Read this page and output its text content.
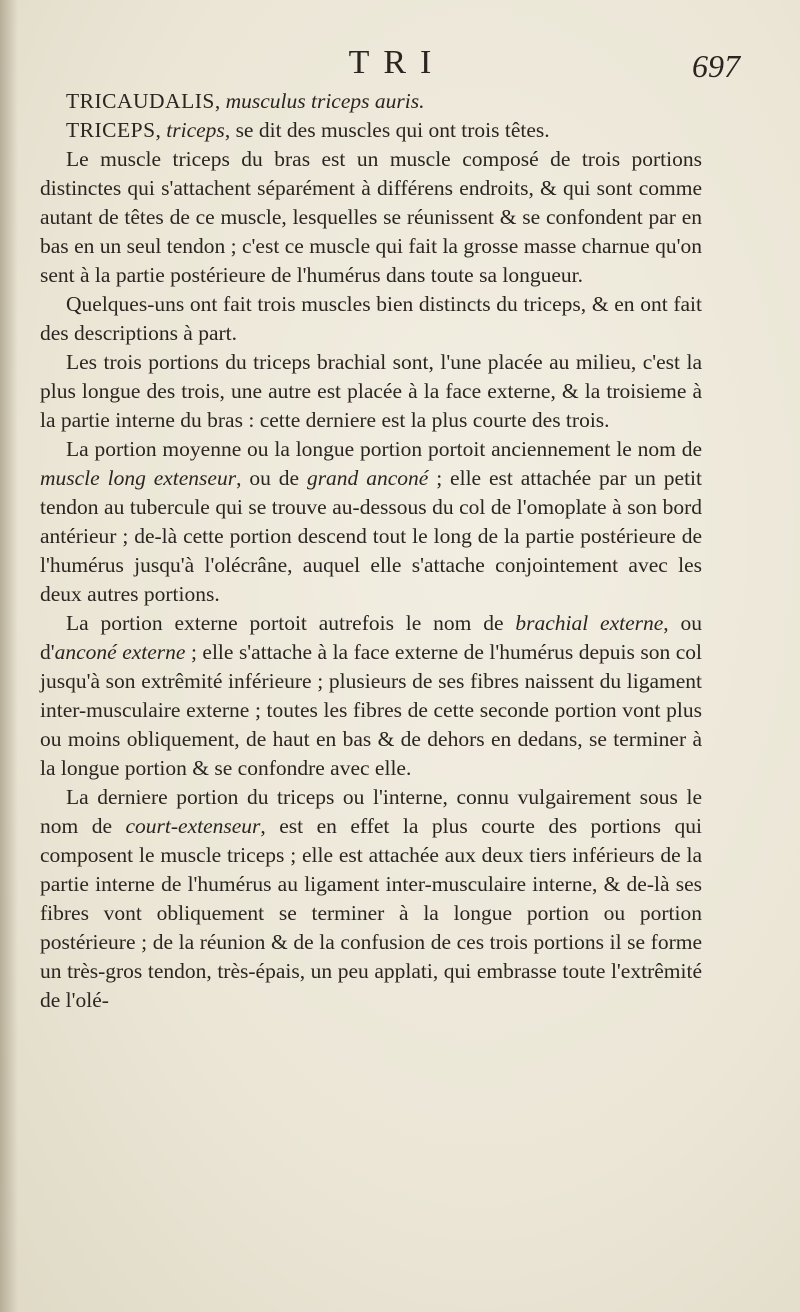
TRI	697

TRICAUDALIS, musculus triceps auris.

TRICEPS, triceps, se dit des muscles qui ont trois têtes.

Le muscle triceps du bras est un muscle composé de trois portions distinctes qui s'attachent séparément à différens endroits, & qui sont comme autant de têtes de ce muscle, lesquelles se réunissent & se confondent par en bas en un seul tendon ; c'est ce muscle qui fait la grosse masse charnue qu'on sent à la partie postérieure de l'humérus dans toute sa longueur.

Quelques-uns ont fait trois muscles bien distincts du triceps, & en ont fait des descriptions à part.

Les trois portions du triceps brachial sont, l'une placée au milieu, c'est la plus longue des trois, une autre est placée à la face externe, & la troisieme à la partie interne du bras : cette derniere est la plus courte des trois.

La portion moyenne ou la longue portion portoit anciennement le nom de muscle long extenseur, ou de grand anconé ; elle est attachée par un petit tendon au tubercule qui se trouve au-dessous du col de l'omoplate à son bord antérieur ; de-là cette portion descend tout le long de la partie postérieure de l'humérus jusqu'à l'olécrâne, auquel elle s'attache conjointement avec les deux autres portions.

La portion externe portoit autrefois le nom de brachial externe, ou d'anconé externe ; elle s'attache à la face externe de l'humérus depuis son col jusqu'à son extrêmité inférieure ; plusieurs de ses fibres naissent du ligament inter-musculaire externe ; toutes les fibres de cette seconde portion vont plus ou moins obliquement, de haut en bas & de dehors en dedans, se terminer à la longue portion & se confondre avec elle.

La derniere portion du triceps ou l'interne, connu vulgairement sous le nom de court-extenseur, est en effet la plus courte des portions qui composent le muscle triceps ; elle est attachée aux deux tiers inférieurs de la partie interne de l'humérus au ligament inter-musculaire interne, & de-là ses fibres vont obliquement se terminer à la longue portion ou portion postérieure ; de la réunion & de la confusion de ces trois portions il se forme un très-gros tendon, très-épais, un peu applati, qui embrasse toute l'extrêmité de l'olé-
